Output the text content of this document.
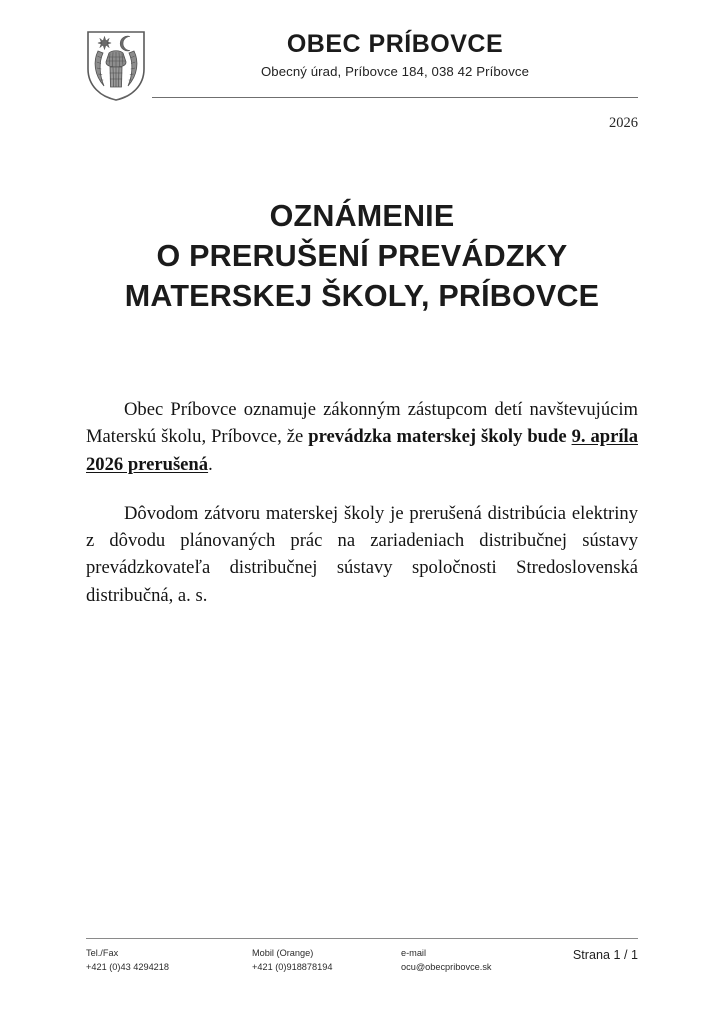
OBEC PRÍBOVCE
Obecný úrad, Príbovce 184, 038 42 Príbovce
2026
OZNÁMENIE
O PRERUŠENÍ PREVÁDZKY
MATERSKEJ ŠKOLY, PRÍBOVCE

Obec Príbovce oznamuje zákonným zástupcom detí navštevujúcim Materskú školu, Príbovce, že prevádzka materskej školy bude 9. apríla 2026 prerušená.

Dôvodom zátvoru materskej školy je prerušená distribúcia elektriny z dôvodu plánovaných prác na zariadeniach distribučnej sústavy prevádzkovateľa distribučnej sústavy spoločnosti Stredoslovenská distribučná, a. s.

Tel./Fax
+421 (0)43 4294218
Mobil (Orange)
+421 (0)918878194
e-mail
ocu@obecpribovce.sk
Strana 1 / 1
